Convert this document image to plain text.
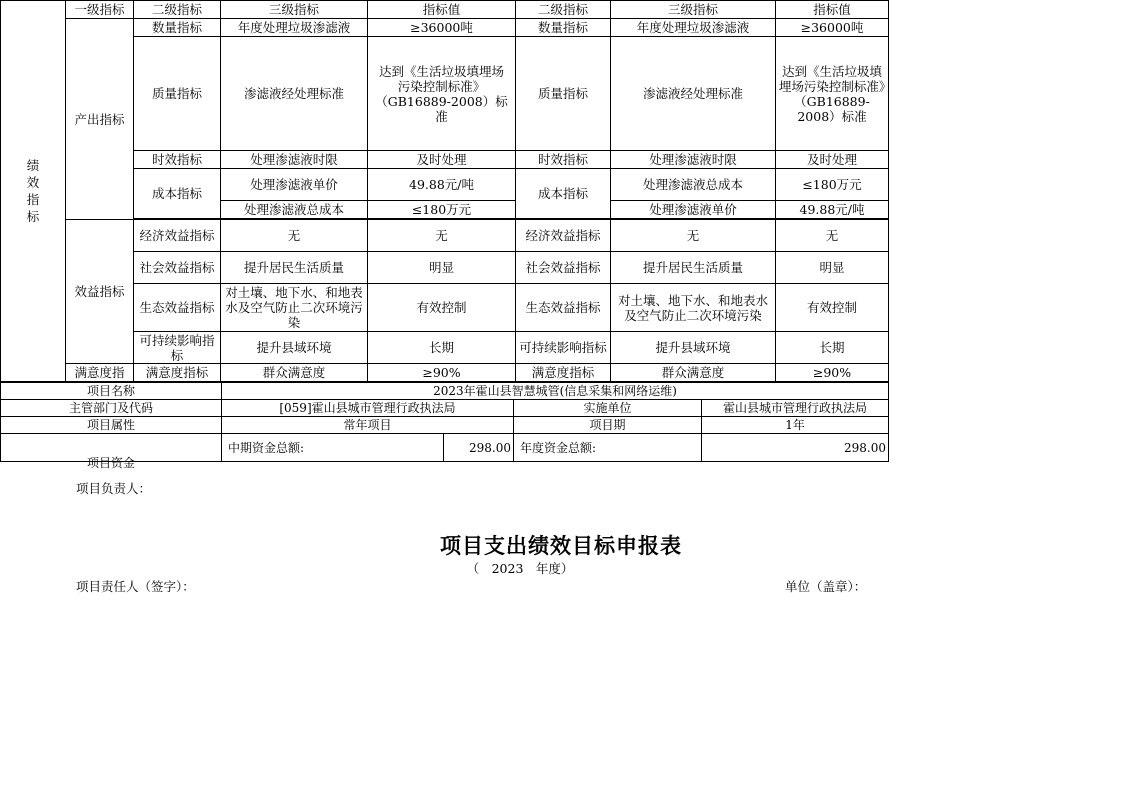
绩效指标	一级指标	二级指标	三级指标	指标值	二级指标	三级指标	指标值
	产出指标	数量指标	年度处理垃圾渗滤液	≥36000吨	数量指标	年度处理垃圾渗滤液	≥36000吨
		质量指标	渗滤液经处理标准	达到《生活垃圾填埋场污染控制标准》（GB16889-2008）标准	质量指标	渗滤液经处理标准	达到《生活垃圾填埋场污染控制标准》（GB16889-2008）标准

		时效指标	处理渗滤液时限	及时处理	时效指标	处理渗滤液时限	及时处理
		成本指标	处理渗滤液单价	49.88元/吨	成本指标	处理渗滤液总成本	≤180万元
			处理渗滤液总成本	≤180万元		处理渗滤液单价	49.88元/吨

	效益指标	经济效益指标	无	无	经济效益指标	无	无
		社会效益指标	提升居民生活质量	明显	社会效益指标	提升居民生活质量	明显
		生态效益指标	对土壤、地下水、和地表水及空气防止二次环境污染	有效控制	生态效益指标	对土壤、地下水、和地表水及空气防止二次环境污染	有效控制

		可持续影响指标	提升县域环境	长期	可持续影响指标	提升县域环境	长期
	满意度指	满意度指标	群众满意度	≥90%	满意度指标	群众满意度	≥90%
项目负责人：
项目支出绩效目标申报表
（　2023　年度）
项目责任人（签字）：	单位（盖章）：
项目名称	2023年霍山县智慧城管(信息采集和网络运维)			
主管部门及代码	[059]霍山县城市管理行政执法局		实施单位	霍山县城市管理行政执法局
项目属性	常年项目		项目期	1年

项目资金	中期资金总额:	298.00	年度资金总额:	298.00
